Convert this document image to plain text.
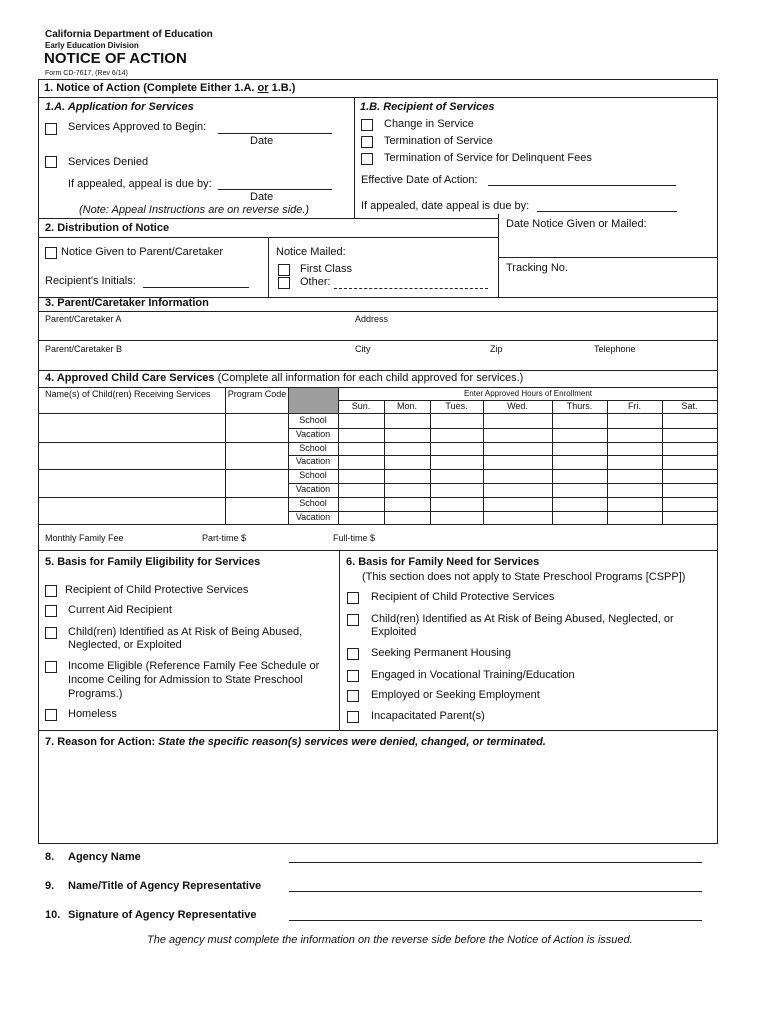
California Department of Education
Early Education Division
NOTICE OF ACTION
Form CD-7617, (Rev 6/14)
1. Notice of Action (Complete Either 1.A. or 1.B.)
1.A. Application for Services
Services Approved to Begin:
Date
Services Denied
If appealed, appeal is due by:
Date
(Note: Appeal Instructions are on reverse side.)
1.B. Recipient of Services
Change in Service
Termination of Service
Termination of Service for Delinquent Fees
Effective Date of Action:
If appealed, date appeal is due by:
2. Distribution of Notice	Date Notice Given or Mailed:
Notice Given to Parent/Caretaker
Recipient's Initials:
Notice Mailed:
First Class
Other:
Tracking No.
3. Parent/Caretaker Information
Parent/Caretaker A	Address
Parent/Caretaker B	City	Zip	Telephone
4. Approved Child Care Services (Complete all information for each child approved for services.)
Name(s) of Child(ren) Receiving Services	Program Code	Enter Approved Hours of Enrollment
Sun.	Mon.	Tues.	Wed.	Thurs.	Fri.	Sat.
School
Vacation
School
Vacation
School
Vacation
School
Vacation
Monthly Family Fee	Part-time $	Full-time $
5. Basis for Family Eligibility for Services
Recipient of Child Protective Services
Current Aid Recipient
Child(ren) Identified as At Risk of Being Abused,
Neglected, or Exploited
Income Eligible (Reference Family Fee Schedule or
Income Ceiling for Admission to State Preschool
Programs.)
Homeless
6. Basis for Family Need for Services
(This section does not apply to State Preschool Programs [CSPP])
Recipient of Child Protective Services
Child(ren) Identified as At Risk of Being Abused, Neglected, or
Exploited
Seeking Permanent Housing
Engaged in Vocational Training/Education
Employed or Seeking Employment
Incapacitated Parent(s)
7. Reason for Action: State the specific reason(s) services were denied, changed, or terminated.
8. Agency Name
9. Name/Title of Agency Representative
10. Signature of Agency Representative
The agency must complete the information on the reverse side before the Notice of Action is issued.
